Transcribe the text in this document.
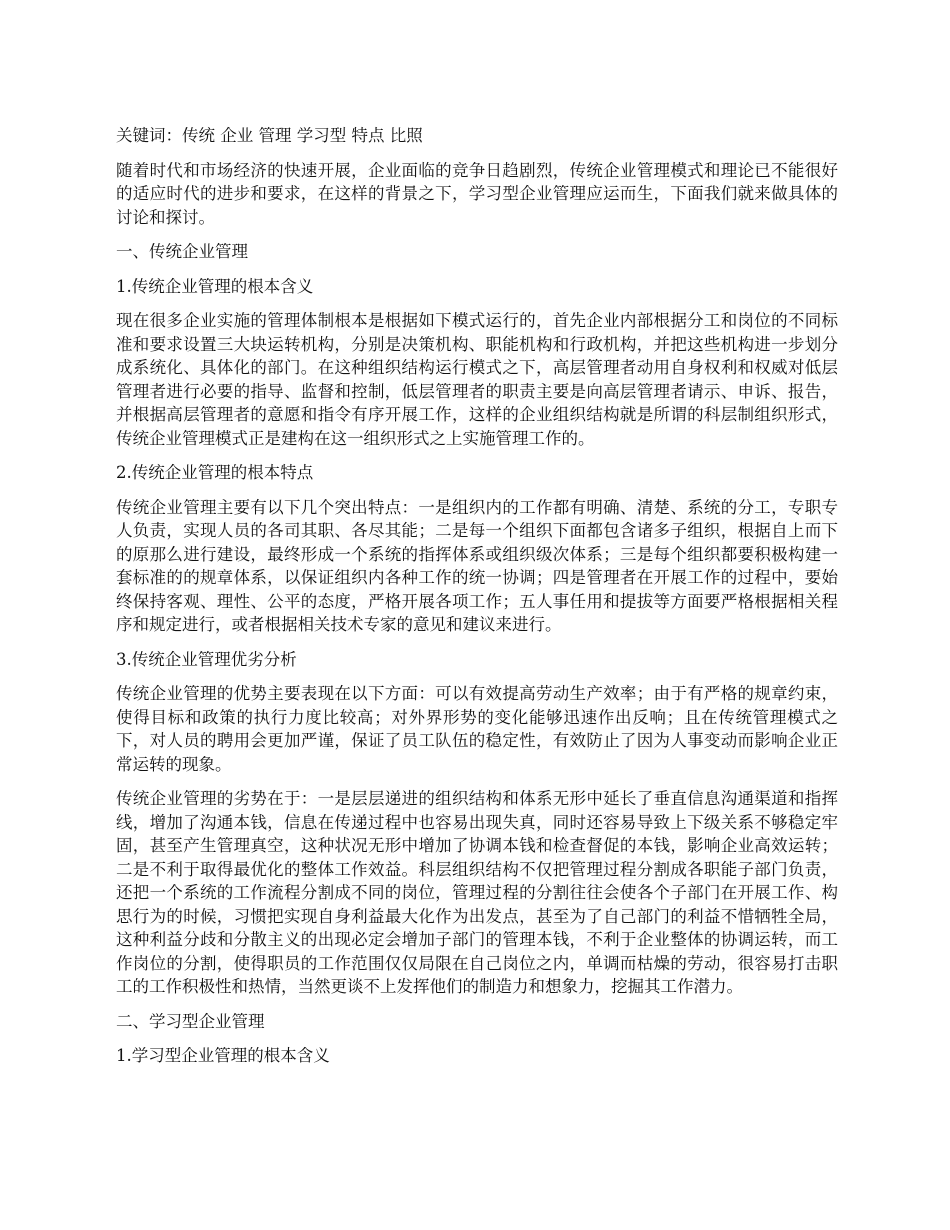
关键词：传统 企业 管理 学习型 特点 比照

随着时代和市场经济的快速开展，企业面临的竞争日趋剧烈，传统企业管理模式和理论已不能很好的适应时代的进步和要求，在这样的背景之下，学习型企业管理应运而生，下面我们就来做具体的讨论和探讨。

一、传统企业管理

1.传统企业管理的根本含义

现在很多企业实施的管理体制根本是根据如下模式运行的，首先企业内部根据分工和岗位的不同标准和要求设置三大块运转机构，分别是决策机构、职能机构和行政机构，并把这些机构进一步划分成系统化、具体化的部门。在这种组织结构运行模式之下，高层管理者动用自身权利和权威对低层管理者进行必要的指导、监督和控制，低层管理者的职责主要是向高层管理者请示、申诉、报告，并根据高层管理者的意愿和指令有序开展工作，这样的企业组织结构就是所谓的科层制组织形式，传统企业管理模式正是建构在这一组织形式之上实施管理工作的。

2.传统企业管理的根本特点

传统企业管理主要有以下几个突出特点：一是组织内的工作都有明确、清楚、系统的分工，专职专人负责，实现人员的各司其职、各尽其能；二是每一个组织下面都包含诸多子组织，根据自上而下的原那么进行建设，最终形成一个系统的指挥体系或组织级次体系；三是每个组织都要积极构建一套标准的的规章体系，以保证组织内各种工作的统一协调；四是管理者在开展工作的过程中，要始终保持客观、理性、公平的态度，严格开展各项工作；五人事任用和提拔等方面要严格根据相关程序和规定进行，或者根据相关技术专家的意见和建议来进行。

3.传统企业管理优劣分析

传统企业管理的优势主要表现在以下方面：可以有效提高劳动生产效率；由于有严格的规章约束，使得目标和政策的执行力度比较高；对外界形势的变化能够迅速作出反响；且在传统管理模式之下，对人员的聘用会更加严谨，保证了员工队伍的稳定性，有效防止了因为人事变动而影响企业正常运转的现象。

传统企业管理的劣势在于：一是层层递进的组织结构和体系无形中延长了垂直信息沟通渠道和指挥线，增加了沟通本钱，信息在传递过程中也容易出现失真，同时还容易导致上下级关系不够稳定牢固，甚至产生管理真空，这种状况无形中增加了协调本钱和检查督促的本钱，影响企业高效运转；二是不利于取得最优化的整体工作效益。科层组织结构不仅把管理过程分割成各职能子部门负责，还把一个系统的工作流程分割成不同的岗位，管理过程的分割往往会使各个子部门在开展工作、构思行为的时候，习惯把实现自身利益最大化作为出发点，甚至为了自己部门的利益不惜牺牲全局，这种利益分歧和分散主义的出现必定会增加子部门的管理本钱，不利于企业整体的协调运转，而工作岗位的分割，使得职员的工作范围仅仅局限在自己岗位之内，单调而枯燥的劳动，很容易打击职工的工作积极性和热情，当然更谈不上发挥他们的制造力和想象力，挖掘其工作潜力。

二、学习型企业管理

1.学习型企业管理的根本含义
